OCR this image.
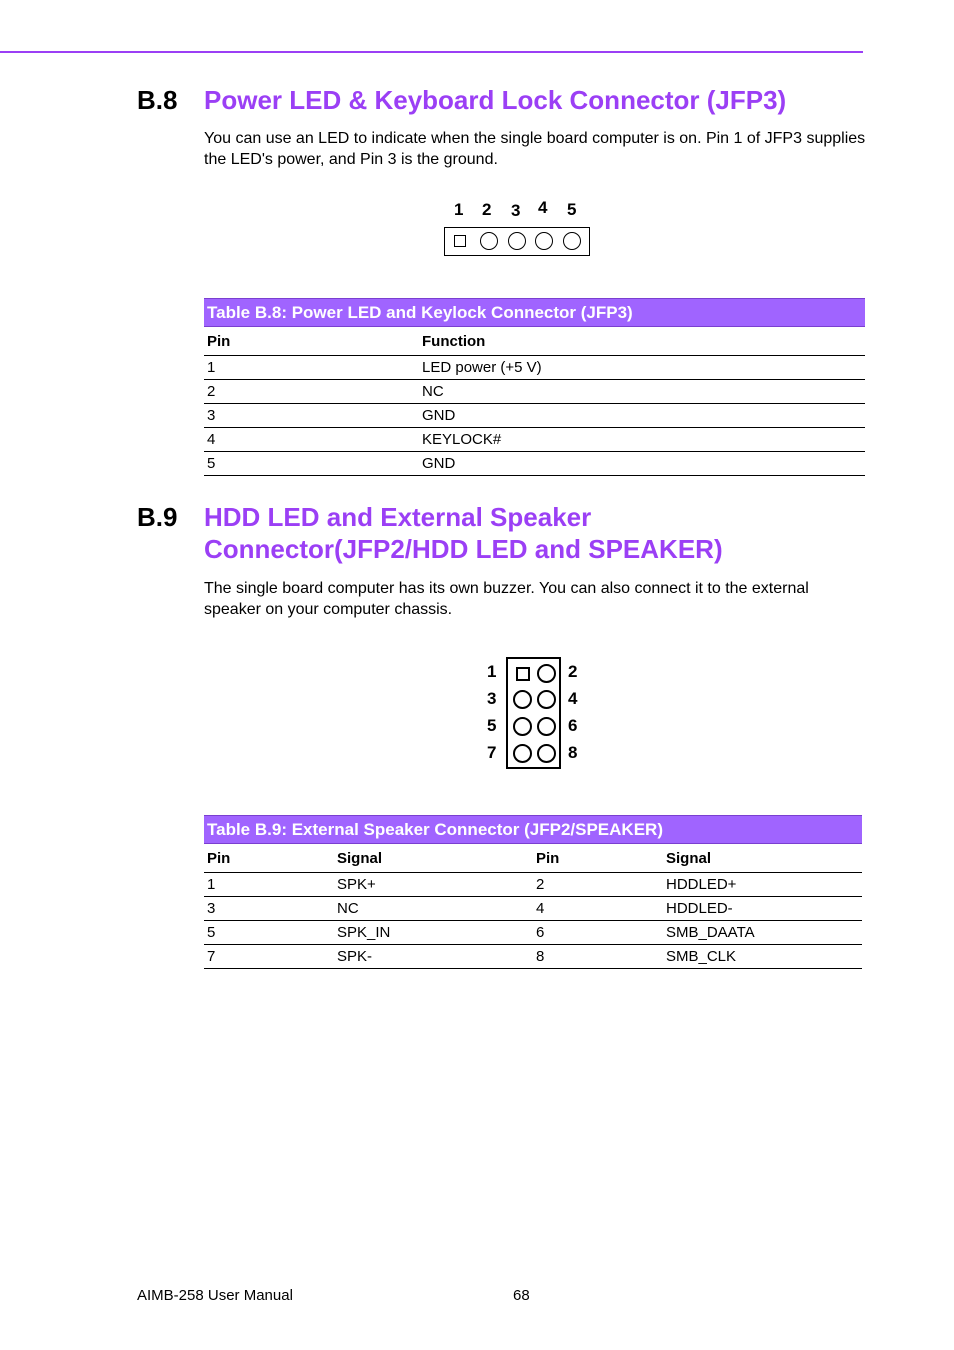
B.8 Power LED & Keyboard Lock Connector (JFP3)
You can use an LED to indicate when the single board computer is on. Pin 1 of JFP3 supplies the LED's power, and Pin 3 is the ground.
1 2 3 4 5
Table B.8: Power LED and Keylock Connector (JFP3)	
Pin	Function
1	LED power (+5 V)
2	NC
3	GND
4	KEYLOCK#
5	GND
B.9 HDD LED and External Speaker
Connector(JFP2/HDD LED and SPEAKER)
The single board computer has its own buzzer. You can also connect it to the external speaker on your computer chassis.
1
3
5
7
2
4
6
8
Table B.9: External Speaker Connector (JFP2/SPEAKER)			
Pin	Signal	Pin	Signal
1	SPK+	2	HDDLED+
3	NC	4	HDDLED-
5	SPK_IN	6	SMB_DAATA
7	SPK-	8	SMB_CLK
AIMB-258 User Manual	68
